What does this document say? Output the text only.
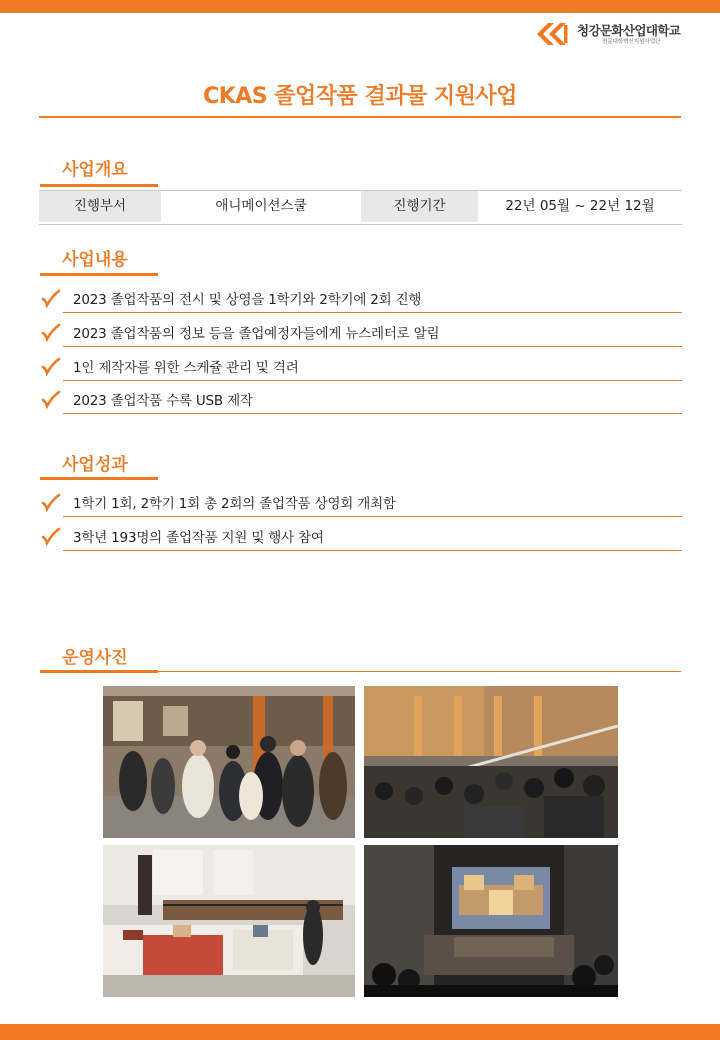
청강문화산업대학교
전문대학혁신지원사업단
CKAS 졸업작품 결과물 지원사업
사업개요
진행부서	애니메이션스쿨	진행기간	22년 05월 ~ 22년 12월
사업내용
2023 졸업작품의 전시 및 상영을 1학기와 2학기에 2회 진행
2023 졸업작품의 정보 등을 졸업예정자들에게 뉴스레터로 알림
1인 제작자를 위한 스케쥴 관리 및 격려
2023 졸업작품 수록 USB 제작
사업성과
1학기 1회, 2학기 1회 총 2회의 졸업작품 상영회 개최함
3학년 193명의 졸업작품 지원 및 행사 참여
운영사진
